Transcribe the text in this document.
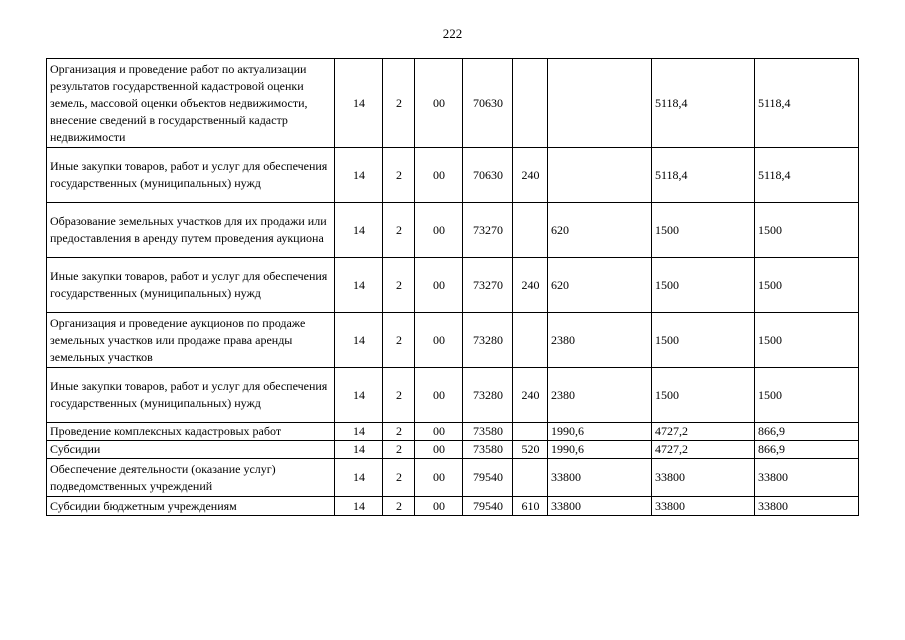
222
Организация и проведение работ по актуализации результатов государственной кадастровой оценки земель, массовой оценки объектов недвижимости, внесение сведений в государственный кадастр недвижимости	14	2	00	70630			5118,4	5118,4
Иные закупки товаров, работ и услуг для обеспечения государственных (муниципальных) нужд	14	2	00	70630	240		5118,4	5118,4
Образование земельных участков для их продажи или предоставления в аренду путем проведения аукциона	14	2	00	73270		620	1500	1500
Иные закупки товаров, работ и услуг для обеспечения государственных (муниципальных) нужд	14	2	00	73270	240	620	1500	1500
Организация и проведение аукционов по продаже земельных участков или продаже права аренды земельных участков	14	2	00	73280		2380	1500	1500
Иные закупки товаров, работ и услуг для обеспечения государственных (муниципальных) нужд	14	2	00	73280	240	2380	1500	1500
Проведение комплексных кадастровых работ	14	2	00	73580		1990,6	4727,2	866,9
Субсидии	14	2	00	73580	520	1990,6	4727,2	866,9
Обеспечение деятельности (оказание услуг) подведомственных учреждений	14	2	00	79540		33800	33800	33800
Субсидии бюджетным учреждениям	14	2	00	79540	610	33800	33800	33800
